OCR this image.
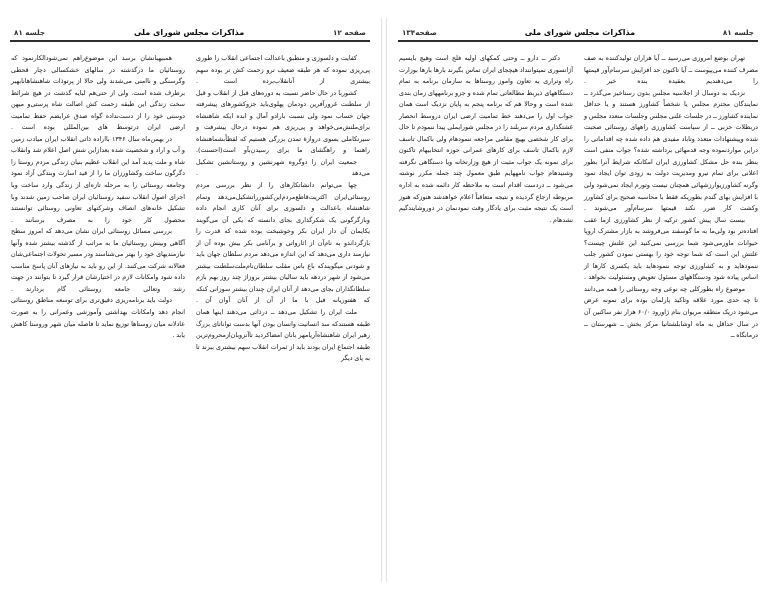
جلسه ۸۱
مذاکرات مجلس شورای ملی
صفحه۱۳۴

تهران بوضع امروزی می‌رسید ــ آیا هزاران تولیدکننده به صف مصرف کننده می‌پیوست ــ آیا تاکنون حد افزایش سرسام‌آور قیمتها را می‌دهندیم بعقیده بنده خیر .

نزدیک به دوسال از اجلاسیه مجلس بدون رستاخیز می‌گذرد ــ نمایندگان محترم مجلس یا شخصاً کشاورز هستند و یا حداقل نماینده کشاورز ــ در جلسات علنی مجلس وجلسات متعدد مجلس و دربطلات حزبی ــ از سیاست کشاورزی راههای روستائی صحبت شده وپیشنهادات متعدد وتاباد مفیدی هم داده شده چه اقداماتی را دراین مواردنموده وجه قدمهائی برداشته شده؟ جواب منفی است بنظر بنده حل مشکل کشاورزی ایران امکانکه شرایط آنرا بطور اعلانی برای تمام نیرو ومدیریت دولت به زودی توان ایجاد نمود وگرنه کشاورزیوارزشهائی همچنان نیست وتورم ایجاد نمی‌شود ولی با افزایش بهای گندم بطوریکه فقط با محاسبه صحیح برای کشاورز وکشت کار ضرر نکند قیمتها سرسام‌آور می‌شوند .

بیست سال پیش کشور ترکیه از نظر کشاورزی ازما عقب افتاده‌تر بود ولی‌ما به ما گوسفند می‌فروشد به بازار مشترک اروپا حیوانات ماورمی‌شود شما بررسی نمی‌کنید این علتش چیست؟ علتش این است که شما توجه خود را بهستی نمودن کشور جلب ننمودهاید و به کشاورزی توجه ننمودهاید باید یکسری کارها از اساس پیاده شود ودستگاههای مسئول تعویض ومسئولیت بخواهد .

موضوع راه بطورکلی چه نوعی وجه روستائی را همه می‌دانند تا چه حدی مورد علاقه وتاکید پارلمان بوده برای نمونه عرض می‌شود دریک منطقه مریوان بنام ژاورود ۶۰/۰ هزار نفر ساکنین آن در سال حداقل به ماه اوشابلشتانیا مرکز بخش ــ شهرستان ــ درمانگاه ــ

دکتر ــ دارو ــ وحتی کمکهای اولیه فلج است وهیچ بایسیم آژانسوری نمیتواننداد هیچجای ایران تماس بگیرند بارها بارها بوزارت راه وتراری به تعاون واموز روستاها به سازمان برنامه به تمام دستگاههای ذیربط مطالعاتی تمام شده و جزو برنامههای زمان بندی شده است و وحالا هم که برنامه پنجم به پایان نزدیک است همان جواب اول را می‌دهند خط تمامیت ارضی ایران دروسط انحصار غشتگذاری مردم سربلند را در مجلس شورایملی پیدا ننمودم تا حال برای کار شخصی بهیچ مقامی مراجعه ننمودهام ولی باکمال تاسف لازم باکمال تاسف برای کارهای عمرانی حوزه انتخابیهام تاکنون برای نمونه یک جواب مثبت از هیچ وزارتخانه ویا دستگاهی نگرفته وشنیدهام جواب نامههایم طبق معمول چند جمله مکرر نوشته می‌شود ــ دردست اقدام است به ملاحظه کار دائمه شده به اداره مربوطه ارجاع گردیده و نتیجه متعاقباً اعلام خواهدشد هنوزکه هنوز است یک نتیجه مثبت برای یادگار وقت نمودنمان در دوروشایندگیم نشدهام .

صفحه ۱۲
مذاکرات مجلس شورای ملی
جلسه ۸۱

کفایت و دلسوزی و منطبق باعدالت اجتماعی انقلاب را طوری پی‌ریزی نموده که هر طبقه ضعیف ترو زحمت کش تر بوده سهم بیشتری از آنانقلاب‌برده است .

کشوربا در حال حاضر نسبت به دوره‌های قبل از انقلاب و قبل از سلطنت غرورآفرین دودمان پهلوی‌باید جزوکشورهای پیشرفته جهان حساب نمود ولی نسبت باراد‌و آمال و ابده ایکه شاهنشاه برای‌ملتش‌می‌خواهد و پی‌ریزی هم نموده درحال پیشرفت و سیرتکاملی بسوی دروازهٔ تمدن بزرگی هستیم که لقظاً‌بشماهنشاه راهنما و راهگشای ما برای رسیدن‌بآو است(احسنت).

جمعیت ایران را دوگروه شهرنشین و روستانشین تشکیل می‌دهد .

چها می‌توانم دانشاتکارهای را از نظر بررسی مردم روستائی‌ایران اکثریت‌قاطع‌مردم‌این‌کشوررا‌تشکیل‌می‌دهد وتمام شاهنشاه باعدالت و دلسوزی برای آنان کاری انجام داده وبازگرگونی یک شکرگذاری بجای دانسته که یکی آن می‌گویند یکایمان آن داز ایران بکر وخوشبخت بوده شده که قدرت را بازگرداندو به نام‌آن از اثارواتی و برآنامی بکر بیش بوده آن از نیازمند داری می‌دهد که این اندازه می‌دهد مردم سلطان جهان باید و شودنی میگویندکه باع باس مقلب سلطان‌نام‌ملت‌سلطنت بیشتر می‌شود از شهر دردهه باید سالیان بیشتر بروزاژ چند روز بهم بازم سلطانگذاران بجای می‌دهد از آنان ایران چندان بیشتر سوزانی کنکه که هفتوریانه فبل با ما از آن از آنان آوان آن .

ملت ایران را تشکیل می‌دهد ــ درذاتی می‌دهند اینها همان طبقه هستندکه سد انسانیت وانسان بودن آنها بدست تواناتای بزرگ رهبر ایران شاهنشاه‌آریامهر بانان امضاکردید تاآنزوبان‌از‌محروم‌ترین طبقه اجتماع ایران بودند باید از ثمرات انقلاب سهم بیشتری ببرند تا به پای دیگر

همبیهبانشان برسد این موضوع‌راهم نمی‌شودالکارنمود که روستائیان ما درگذشته در سالهای خشکسالی دچار قحطی وگرسنگی و ناامنی می‌شدند ولی حالا از پرتوذات شاهنشاهانابهبر برطرف شده است. ولی از حتی‌هم لبایه گذشت در هیچ شرائط سخت زندگی این طبقه زحمت کش اصالت شاه پرستی‌و میهن دوستی خود را از دست‌نداده گواه صدق عرایضم حفظ تمامیت ارضی ایران درتوسط های بین‌المللی بوده است .

در بهمن‌ماه سال ۱۳۴۶ بااراده ذاتی انقلاب ایران میادب زمین و آب و اراد و شخصیت شده بعدازاین شش اصل اعلام شد وانقلاب شاه و ملت پدید آمد این انقلاب عظیم بنیان زندگی مردم روستا را دگرگون ساخت وکشاورزان ما را از قید اسارت وبندگی آزاد نمود وجامعه روستائی را به مرحله تازه‌ای از زندگی وارد ساخت وبا اجرای اصول انقلاب سفید روستائیان ایران صاحب زمین شدند وبا تشکیل خانه‌های انصاف وشرکتهای تعاونی روستائی توانستند محصول کار خود را به مصرف برسانند .

بررسی مسائل روستائی ایران نشان می‌دهد که امروز سطح آگاهی وبینش روستائیان ما به مراتب از گذشته بیشتر شده وآنها نیازمندیهای خود را بهتر می‌شناسند ودر مسیر تحولات اجتماعی‌شان فعالانه شرکت می‌کنند. از این رو باید به نیازهای آنان پاسخ مناسب داده شود وامکانات لازم در اختیارشان قرار گیرد تا بتوانند در جهت رشد وتعالی جامعه روستائی گام بردارند .

دولت باید برنامه‌ریزی دقیق‌تری برای توسعه مناطق روستائی انجام دهد وامکانات بهداشتی وآموزشی وعمرانی را به صورت عادلانه میان روستاها توزیع نماید تا فاصله میان شهر وروستا کاهش یابد .
